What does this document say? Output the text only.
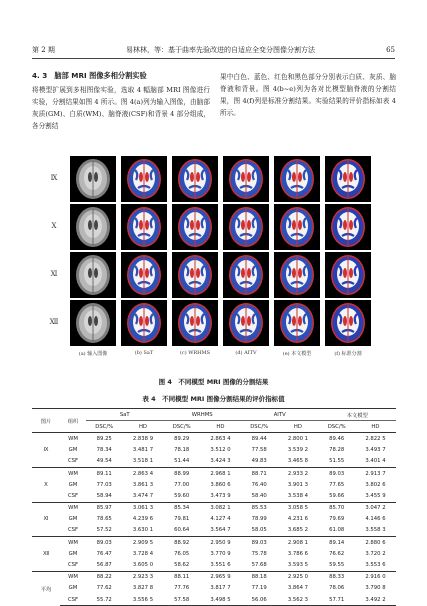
第 2 期	易林林，等：基于曲率先验改进的自适应全变分图像分割方法	65
4. 3　脑部 MRI 图像多相分割实验
将模型扩展到多相图像实验，选取 4 幅脑部 MRI 图像进行实验，分割结果如图 4 所示。图 4(a)列为输入图像，由脑部灰质(GM)、白质(WM)、脑脊液(CSF)和背景 4 部分组成，各分割结
果中白色、蓝色、红色和黑色部分分别表示白质、灰质、脑脊液和背景。图 4(b~e)列为各对比模型脑脊液的分割结果，图 4(f)列是标准分割结果。实验结果的评价指标如表 4 所示。
Ⅸ
Ⅹ
Ⅺ
Ⅻ
(a) 输入图像	(b) SaT	(c) WRHMS	(d) AITV	(e) 本文模型	(f) 标准分割
图 4　不同模型 MRI 图像的分割结果
表 4　不同模型 MRI 图像分割结果的评价指标值
图片	组织	SaT		WRHMS		AITV		本文模型	
		DSC/%	HD	DSC/%	HD	DSC/%	HD	DSC/%	HD
Ⅸ	WM	89.25	2.838 9	89.29	2.863 4	89.44	2.800 1	89.46	2.822 5
	GM	78.34	3.481 7	78.18	3.512 0	77.58	3.539 2	78.28	3.493 7
	CSF	49.54	3.518 1	51.44	3.424 3	49.83	3.465 8	51.55	3.401 4
Ⅹ	WM	89.11	2.863 4	88.99	2.968 1	88.71	2.933 2	89.03	2.913 7
	GM	77.03	3.861 3	77.00	3.860 6	76.40	3.901 3	77.65	3.802 6
	CSF	58.94	3.474 7	59.60	3.473 9	58.40	3.538 4	59.66	3.455 9
Ⅺ	WM	85.97	3.061 3	85.34	3.082 1	85.53	3.058 5	85.70	3.047 2
	GM	78.65	4.239 6	79.81	4.127 4	78.99	4.231 6	79.69	4.146 6
	CSF	57.52	3.630 1	60.64	3.564 7	58.05	3.685 2	61.08	3.558 3
Ⅻ	WM	89.03	2.909 5	88.92	2.950 9	89.03	2.908 1	89.14	2.880 6
	GM	76.47	3.728 4	76.05	3.770 9	75.78	3.786 6	76.62	3.720 2
	CSF	56.87	3.605 0	58.62	3.551 6	57.68	3.593 5	59.55	3.553 6
平均	WM	88.22	2.923 3	88.11	2.965 9	88.18	2.925 0	88.33	2.916 0
	GM	77.62	3.827 8	77.76	3.817 7	77.19	3.864 7	78.06	3.790 8
	CSF	55.72	3.556 5	57.58	3.498 5	56.06	3.562 3	57.71	3.492 2
